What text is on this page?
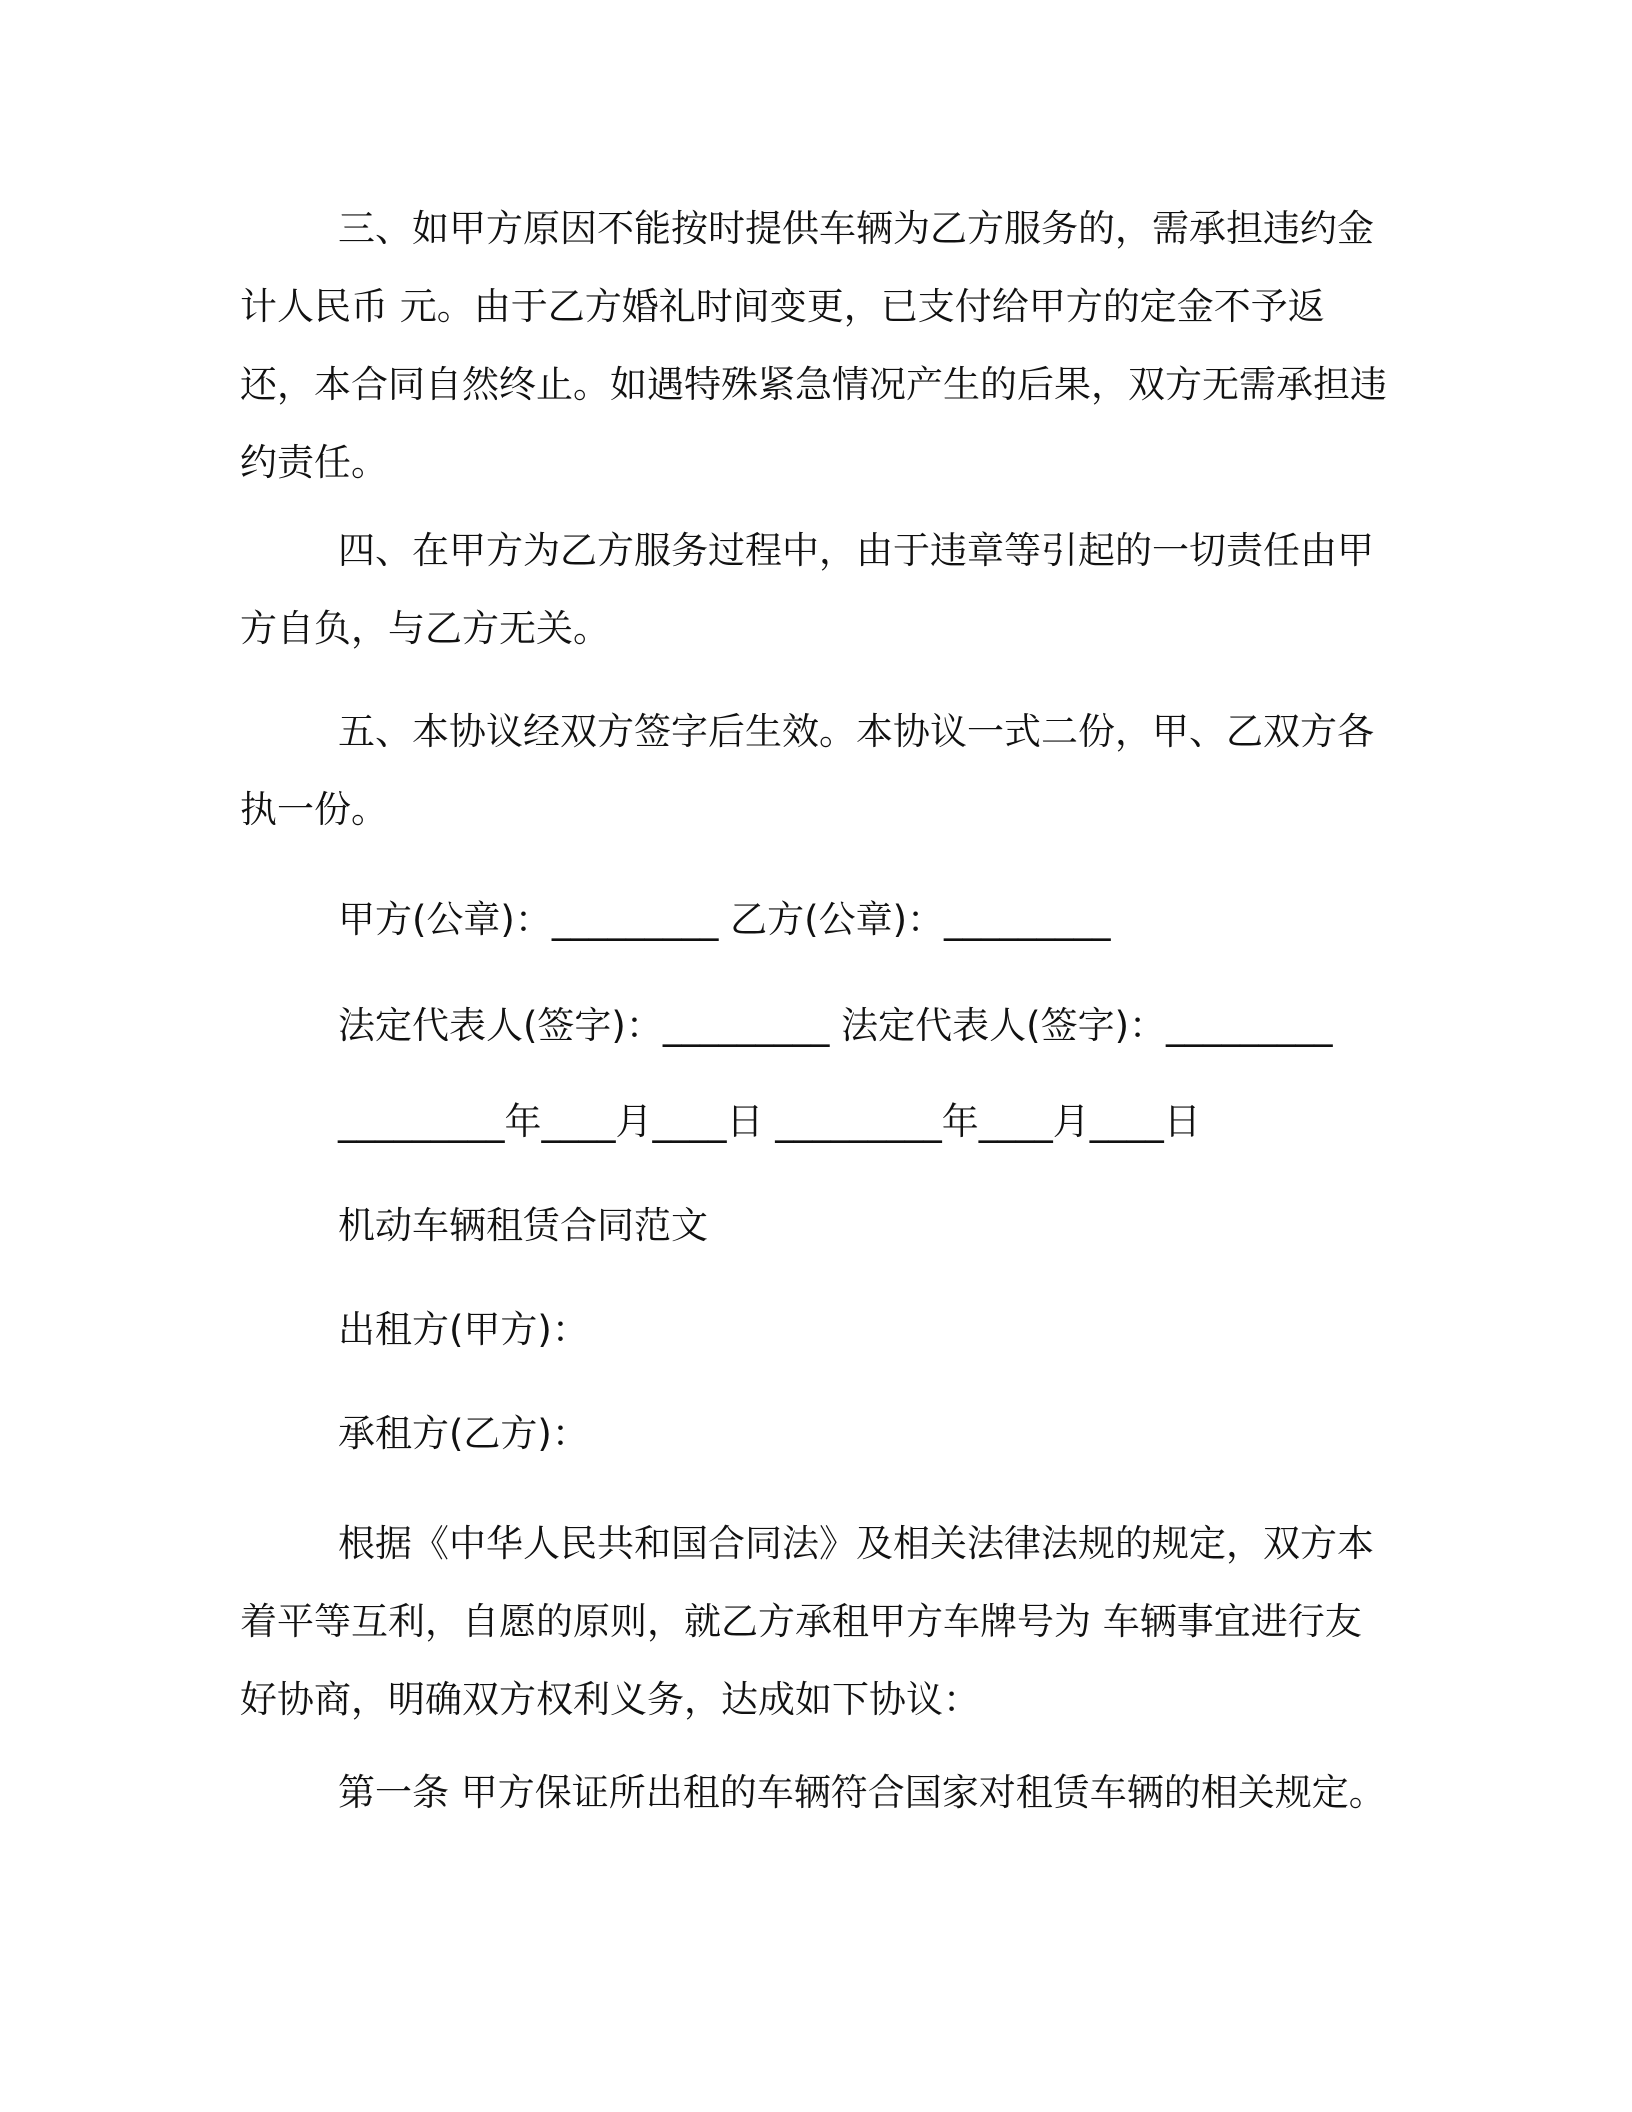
三、如甲方原因不能按时提供车辆为乙方服务的，需承担违约金计人民币 元。由于乙方婚礼时间变更，已支付给甲方的定金不予返还，本合同自然终止。如遇特殊紧急情况产生的后果，双方无需承担违约责任。

四、在甲方为乙方服务过程中，由于违章等引起的一切责任由甲方自负，与乙方无关。

五、本协议经双方签字后生效。本协议一式二份，甲、乙双方各执一份。

甲方(公章)：_________ 乙方(公章)：_________

法定代表人(签字)：_________ 法定代表人(签字)：_________

_________年____月____日 _________年____月____日

机动车辆租赁合同范文

出租方(甲方)：

承租方(乙方)：

根据《中华人民共和国合同法》及相关法律法规的规定，双方本着平等互利，自愿的原则，就乙方承租甲方车牌号为 车辆事宜进行友好协商，明确双方权利义务，达成如下协议：

第一条 甲方保证所出租的车辆符合国家对租赁车辆的相关规定。
